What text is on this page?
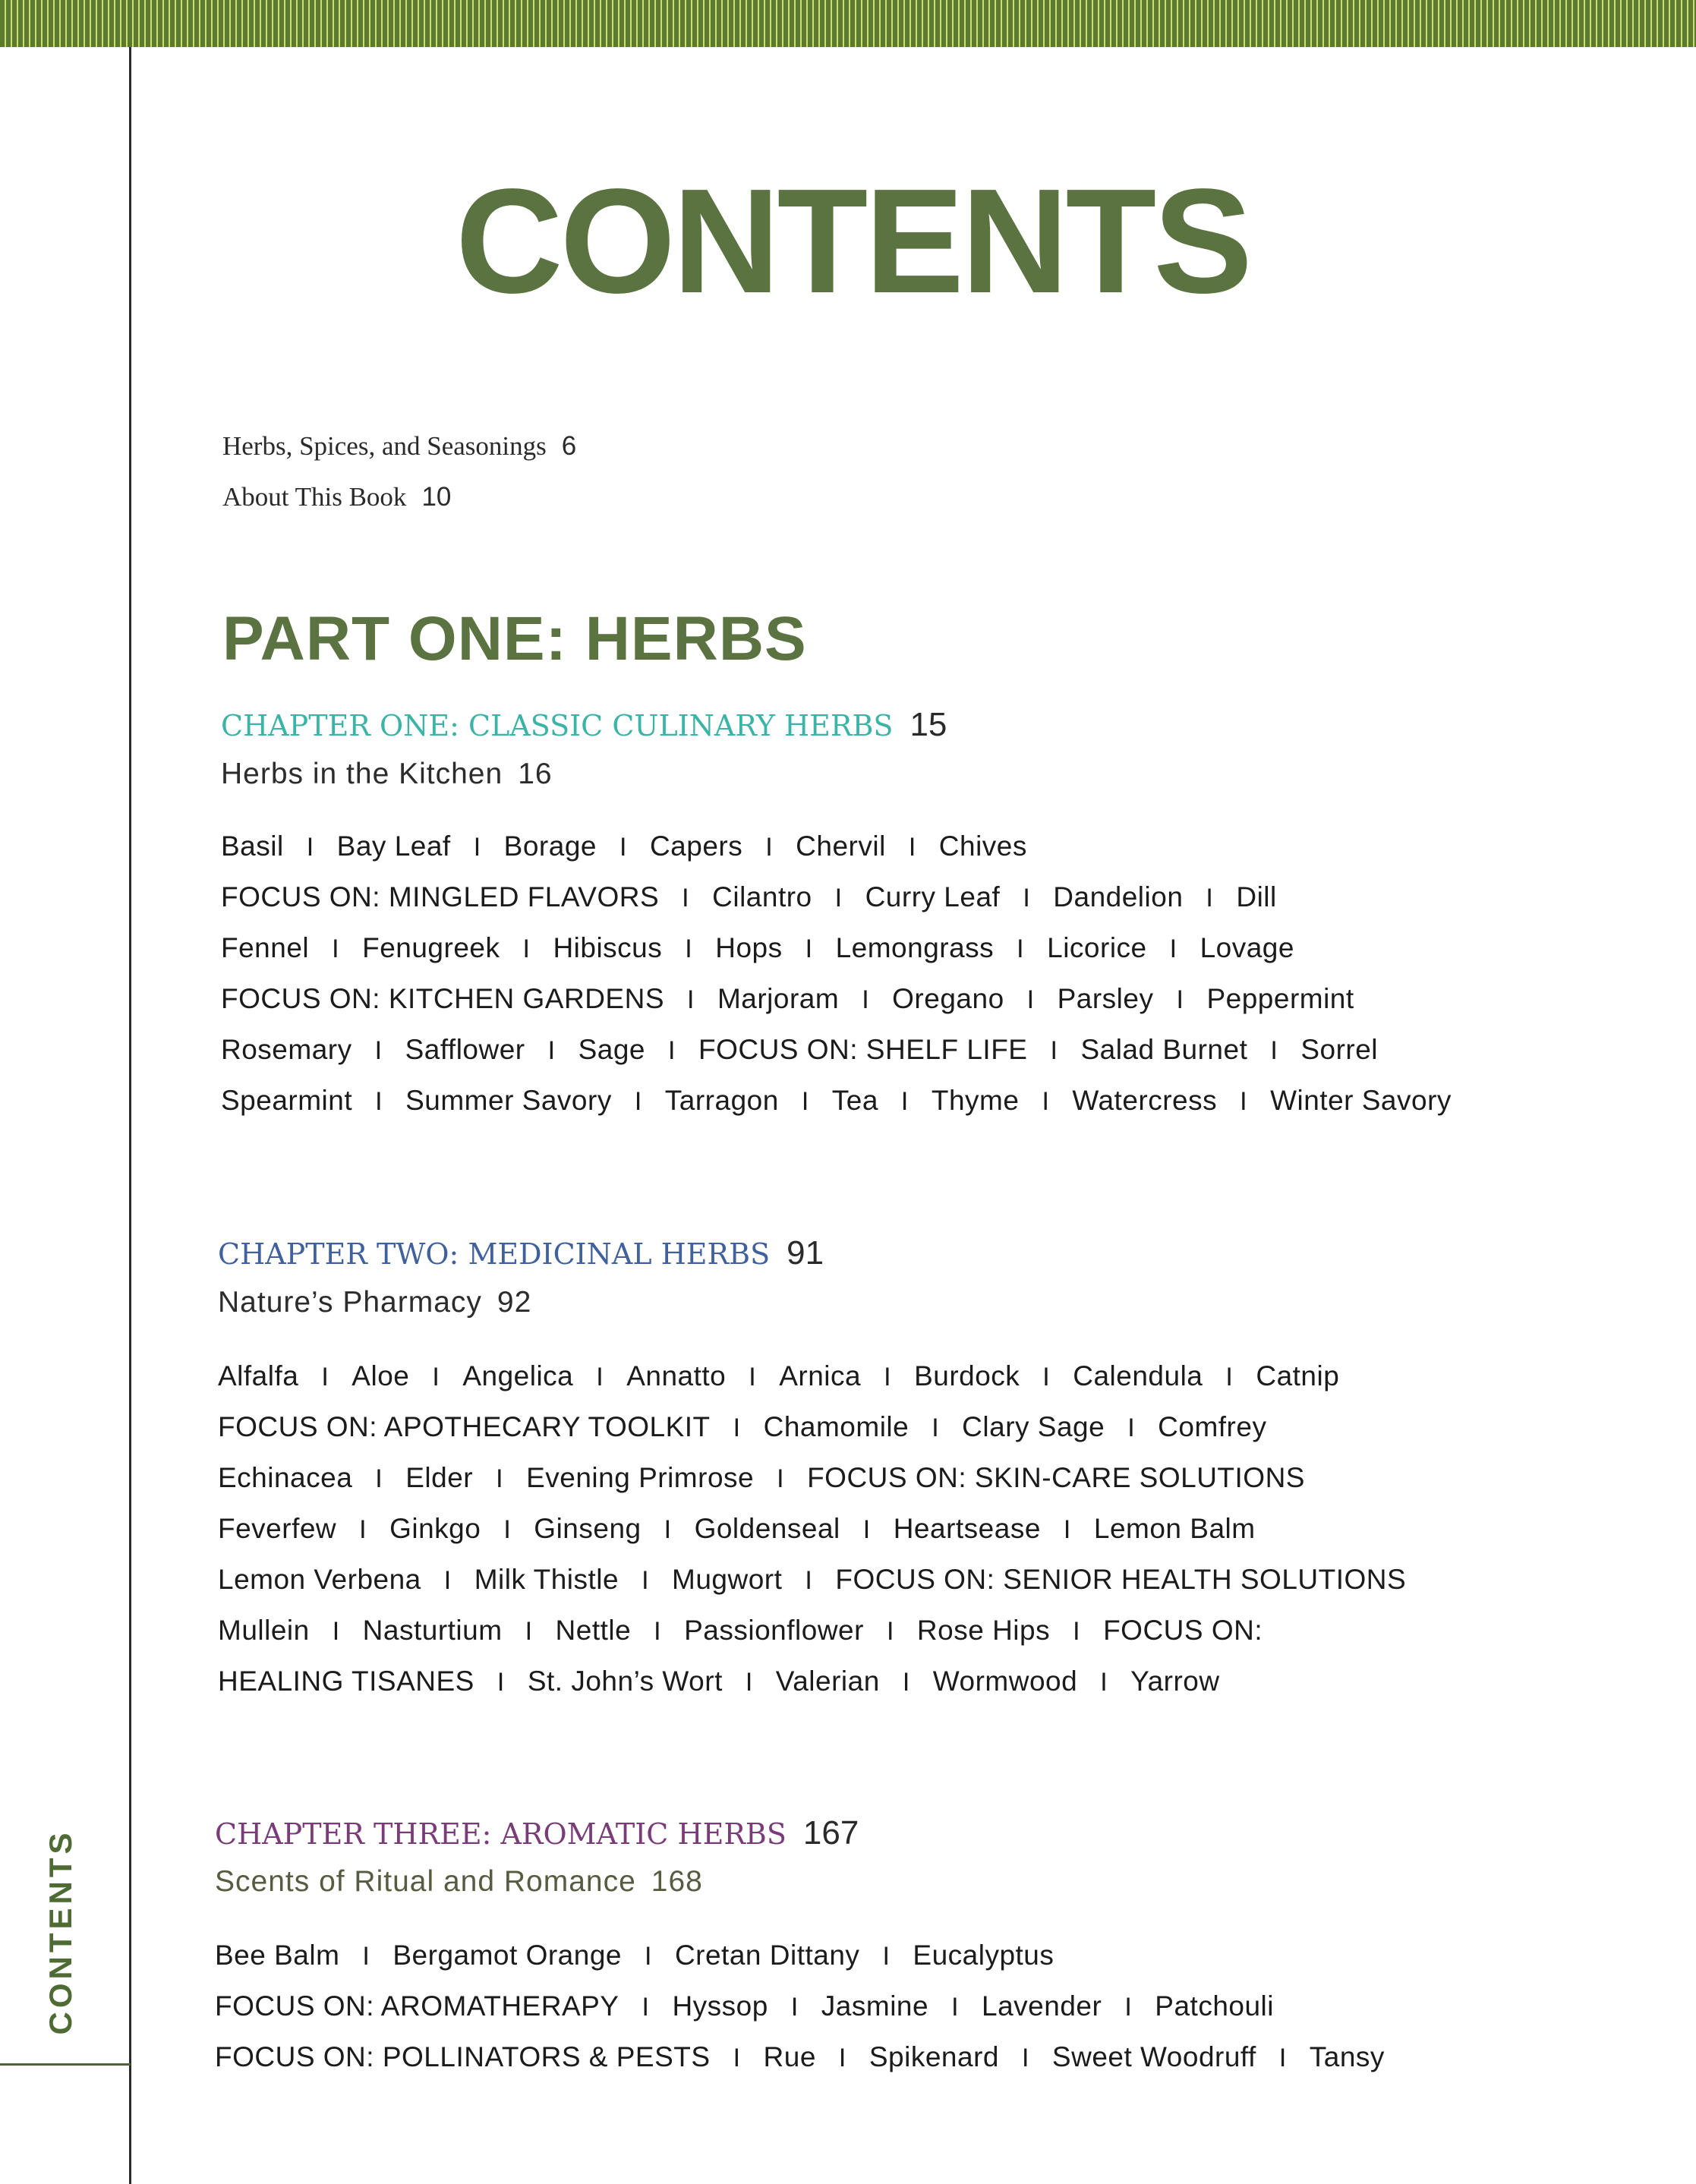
CONTENTS
CONTENTS
Herbs, Spices, and Seasonings 6
About This Book 10
PART ONE: HERBS
CHAPTER ONE: CLASSIC CULINARY HERBS 15
Herbs in the Kitchen 16
Basil I Bay Leaf I Borage I Capers I Chervil I Chives
FOCUS ON: MINGLED FLAVORS I Cilantro I Curry Leaf I Dandelion I Dill
Fennel I Fenugreek I Hibiscus I Hops I Lemongrass I Licorice I Lovage
FOCUS ON: KITCHEN GARDENS I Marjoram I Oregano I Parsley I Peppermint
Rosemary I Safflower I Sage I FOCUS ON: SHELF LIFE I Salad Burnet I Sorrel
Spearmint I Summer Savory I Tarragon I Tea I Thyme I Watercress I Winter Savory
CHAPTER TWO: MEDICINAL HERBS 91
Nature’s Pharmacy 92
Alfalfa I Aloe I Angelica I Annatto I Arnica I Burdock I Calendula I Catnip
FOCUS ON: APOTHECARY TOOLKIT I Chamomile I Clary Sage I Comfrey
Echinacea I Elder I Evening Primrose I FOCUS ON: SKIN-CARE SOLUTIONS
Feverfew I Ginkgo I Ginseng I Goldenseal I Heartsease I Lemon Balm
Lemon Verbena I Milk Thistle I Mugwort I FOCUS ON: SENIOR HEALTH SOLUTIONS
Mullein I Nasturtium I Nettle I Passionflower I Rose Hips I FOCUS ON:
HEALING TISANES I St. John’s Wort I Valerian I Wormwood I Yarrow
CHAPTER THREE: AROMATIC HERBS 167
Scents of Ritual and Romance 168
Bee Balm I Bergamot Orange I Cretan Dittany I Eucalyptus
FOCUS ON: AROMATHERAPY I Hyssop I Jasmine I Lavender I Patchouli
FOCUS ON: POLLINATORS & PESTS I Rue I Spikenard I Sweet Woodruff I Tansy
